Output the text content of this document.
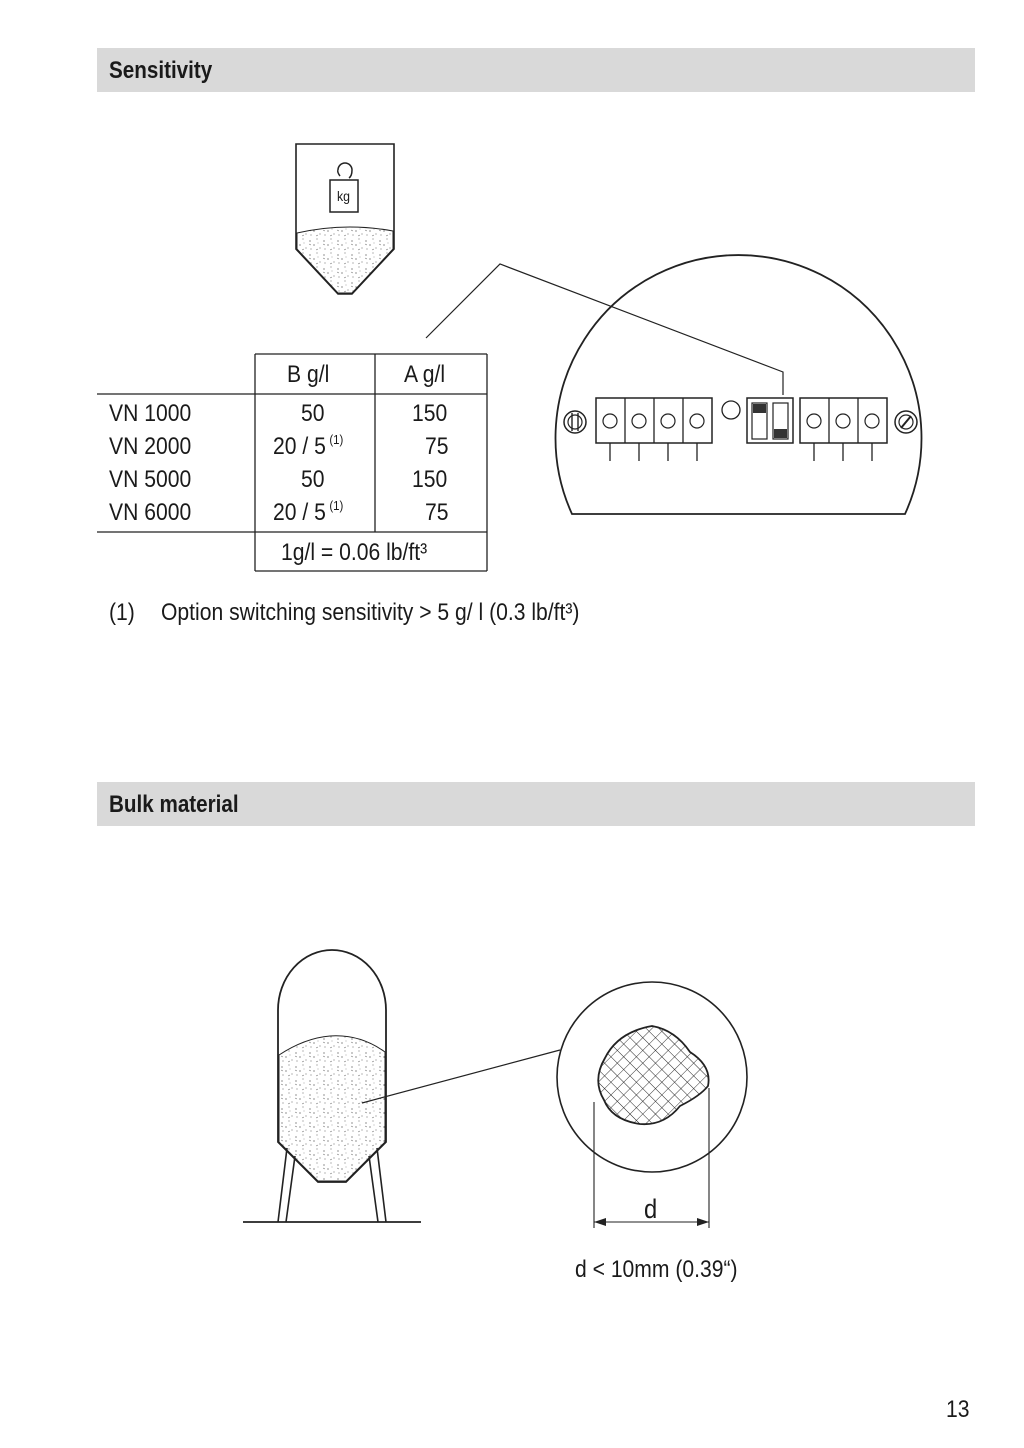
Sensitivity
Bulk material
kg
B g/l	A g/l
VN 1000	50	150
VN 2000	20 / 5 $^{(1)}$	75
VN 5000	50	150
VN 6000	20 / 5 $^{(1)}$	75
1g/l = 0.06 lb/ft³
(1) Option switching sensitivity > 5 g/ l (0.3 lb/ft³)
d
d < 10mm (0.39“)
13
